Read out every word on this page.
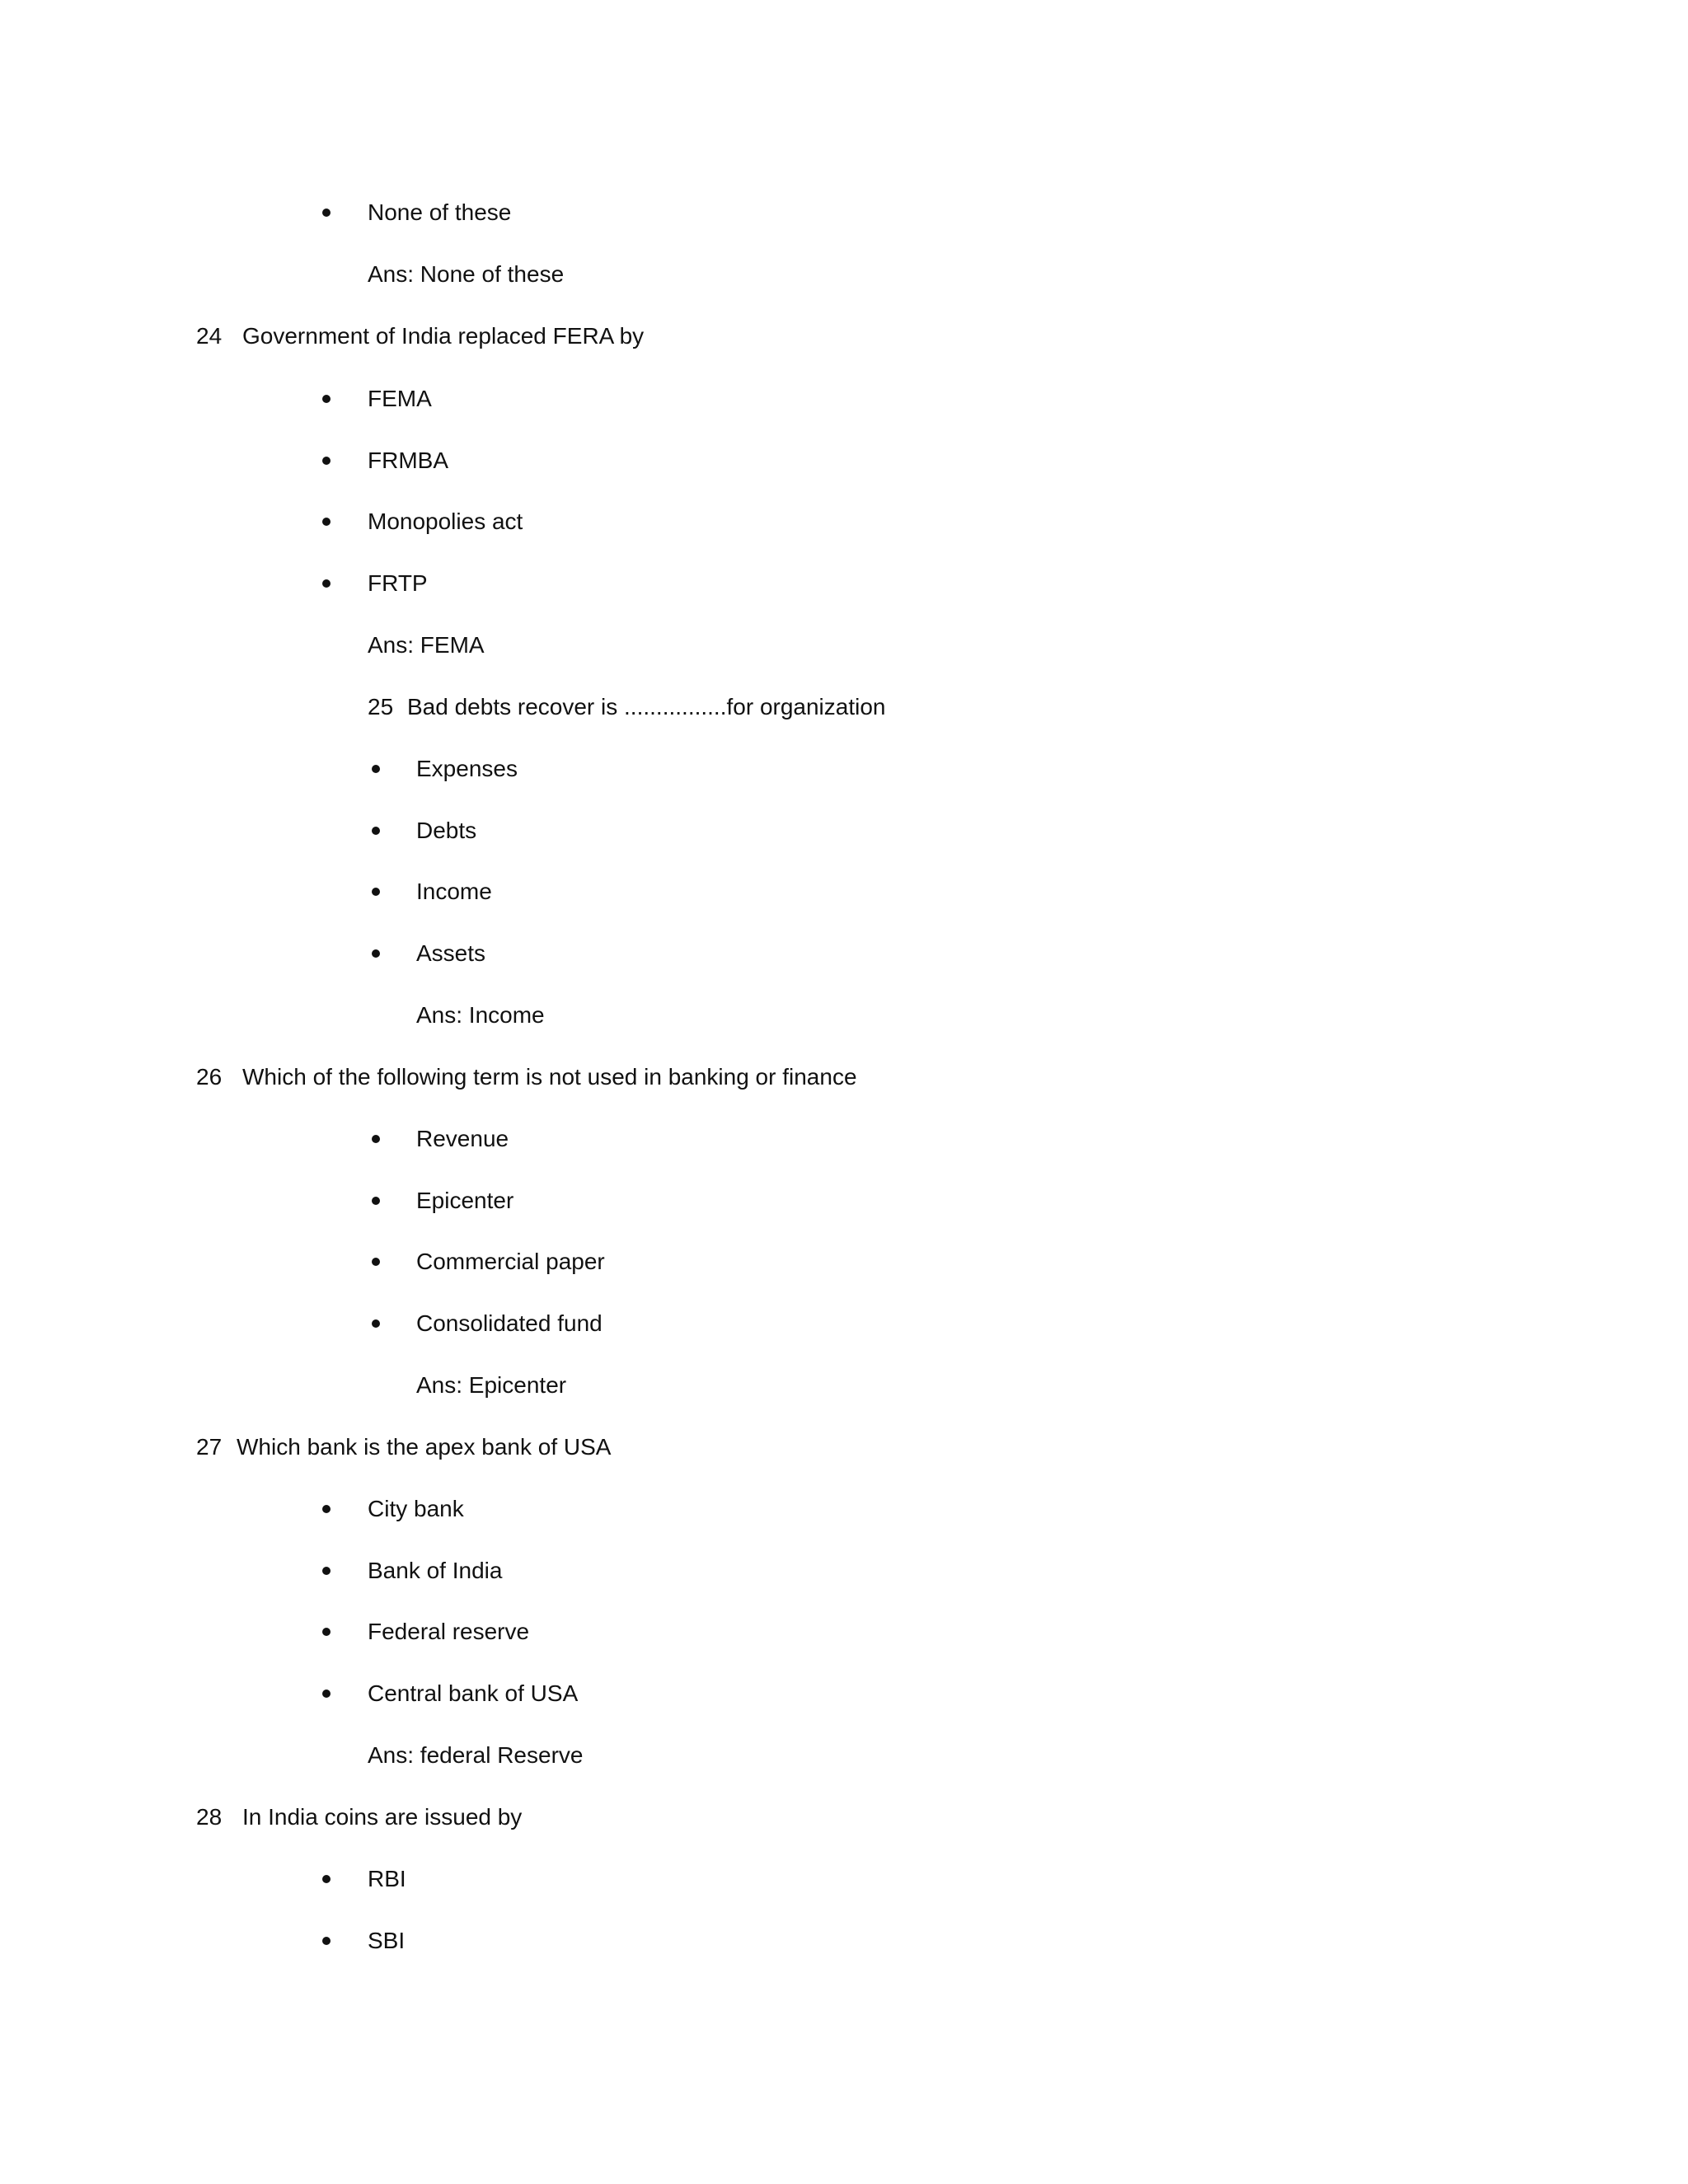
None of these
Ans: None of these
24 Government of India replaced FERA by
FEMA
FRMBA
Monopolies act
FRTP
Ans: FEMA
25 Bad debts recover is ................for organization
Expenses
Debts
Income
Assets
Ans: Income
26 Which of the following term is not used in banking or finance
Revenue
Epicenter
Commercial paper
Consolidated fund
Ans: Epicenter
27 Which bank is the apex bank of USA
City bank
Bank of India
Federal reserve
Central bank of USA
Ans: federal Reserve
28 In India coins are issued by
RBI
SBI
